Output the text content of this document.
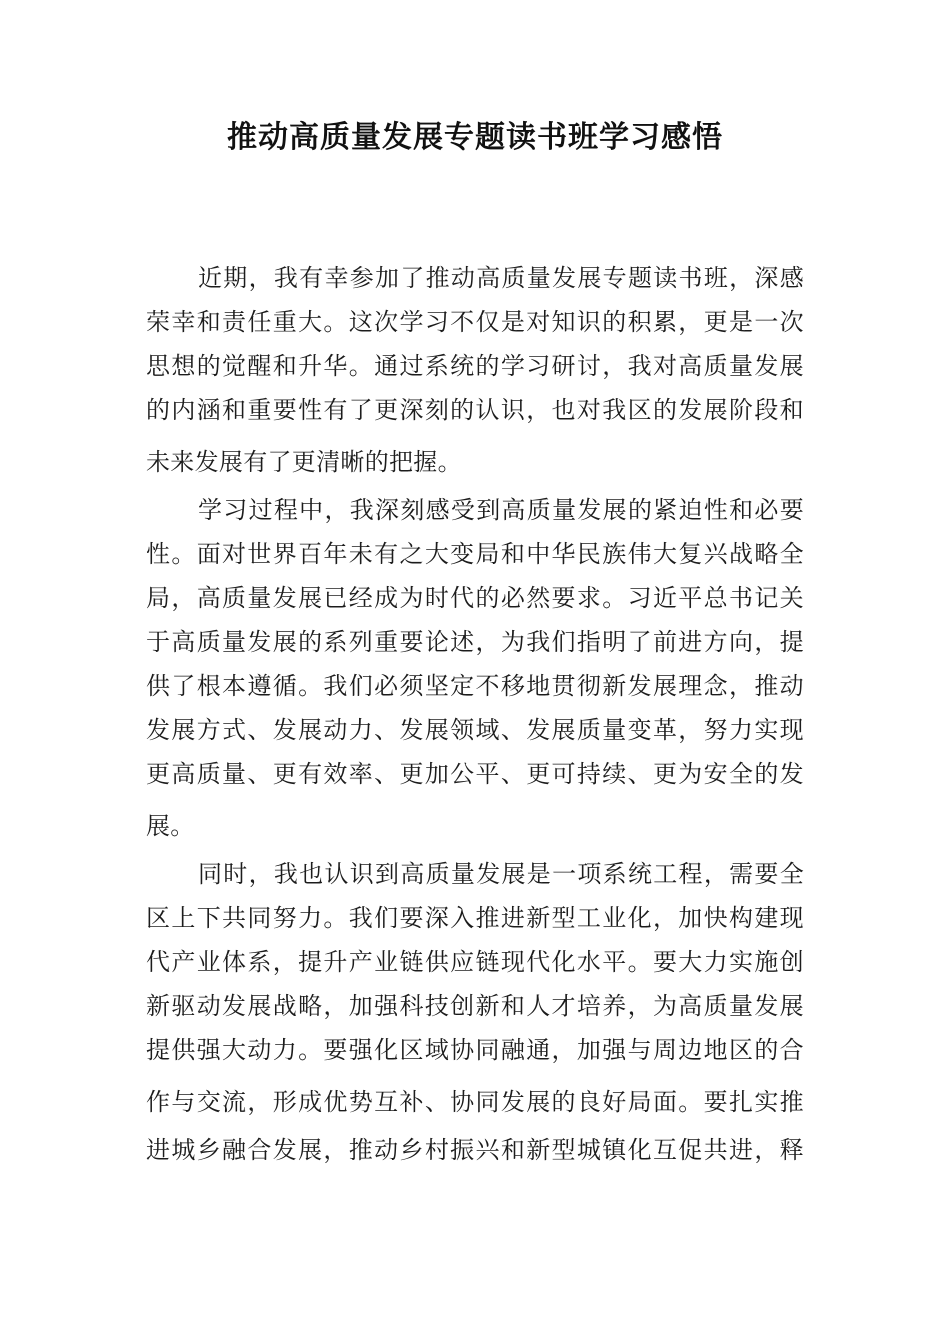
推动高质量发展专题读书班学习感悟
近期，我有幸参加了推动高质量发展专题读书班，深感
荣幸和责任重大。这次学习不仅是对知识的积累，更是一次
思想的觉醒和升华。通过系统的学习研讨，我对高质量发展
的内涵和重要性有了更深刻的认识，也对我区的发展阶段和
未来发展有了更清晰的把握。
学习过程中，我深刻感受到高质量发展的紧迫性和必要
性。面对世界百年未有之大变局和中华民族伟大复兴战略全
局，高质量发展已经成为时代的必然要求。习近平总书记关
于高质量发展的系列重要论述，为我们指明了前进方向，提
供了根本遵循。我们必须坚定不移地贯彻新发展理念，推动
发展方式、发展动力、发展领域、发展质量变革，努力实现
更高质量、更有效率、更加公平、更可持续、更为安全的发
展。
同时，我也认识到高质量发展是一项系统工程，需要全
区上下共同努力。我们要深入推进新型工业化，加快构建现
代产业体系，提升产业链供应链现代化水平。要大力实施创
新驱动发展战略，加强科技创新和人才培养，为高质量发展
提供强大动力。要强化区域协同融通，加强与周边地区的合
作与交流，形成优势互补、协同发展的良好局面。要扎实推
进城乡融合发展，推动乡村振兴和新型城镇化互促共进，释
